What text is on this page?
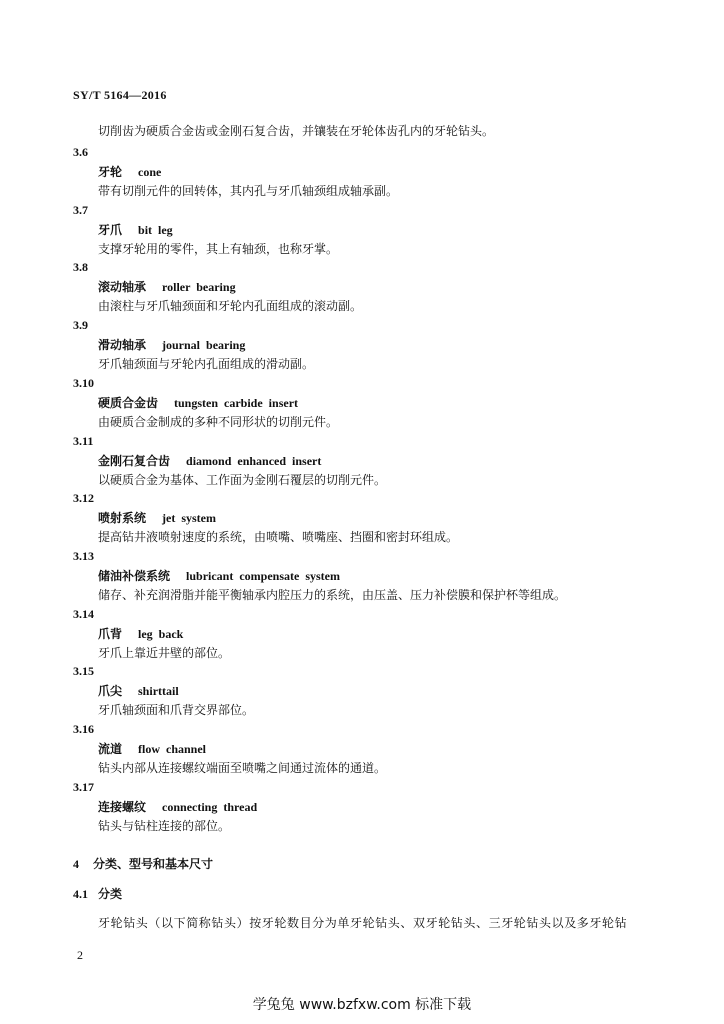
SY/T 5164—2016
切削齿为硬质合金齿或金刚石复合齿，并镶装在牙轮体齿孔内的牙轮钻头。
3.6
牙轮 cone
带有切削元件的回转体，其内孔与牙爪轴颈组成轴承副。
3.7
牙爪 bit leg
支撑牙轮用的零件，其上有轴颈，也称牙掌。
3.8
滚动轴承 roller bearing
由滚柱与牙爪轴颈面和牙轮内孔面组成的滚动副。
3.9
滑动轴承 journal bearing
牙爪轴颈面与牙轮内孔面组成的滑动副。
3.10
硬质合金齿 tungsten carbide insert
由硬质合金制成的多种不同形状的切削元件。
3.11
金刚石复合齿 diamond enhanced insert
以硬质合金为基体、工作面为金刚石覆层的切削元件。
3.12
喷射系统 jet system
提高钻井液喷射速度的系统，由喷嘴、喷嘴座、挡圈和密封环组成。
3.13
储油补偿系统 lubricant compensate system
储存、补充润滑脂并能平衡轴承内腔压力的系统，由压盖、压力补偿膜和保护杯等组成。
3.14
爪背 leg back
牙爪上靠近井壁的部位。
3.15
爪尖 shirttail
牙爪轴颈面和爪背交界部位。
3.16
流道 flow channel
钻头内部从连接螺纹端面至喷嘴之间通过流体的通道。
3.17
连接螺纹 connecting thread
钻头与钻柱连接的部位。
4 分类、型号和基本尺寸
4.1 分类
牙轮钻头（以下简称钻头）按牙轮数目分为单牙轮钻头、双牙轮钻头、三牙轮钻头以及多牙轮钻
2
学兔兔 www.bzfxw.com 标准下载
